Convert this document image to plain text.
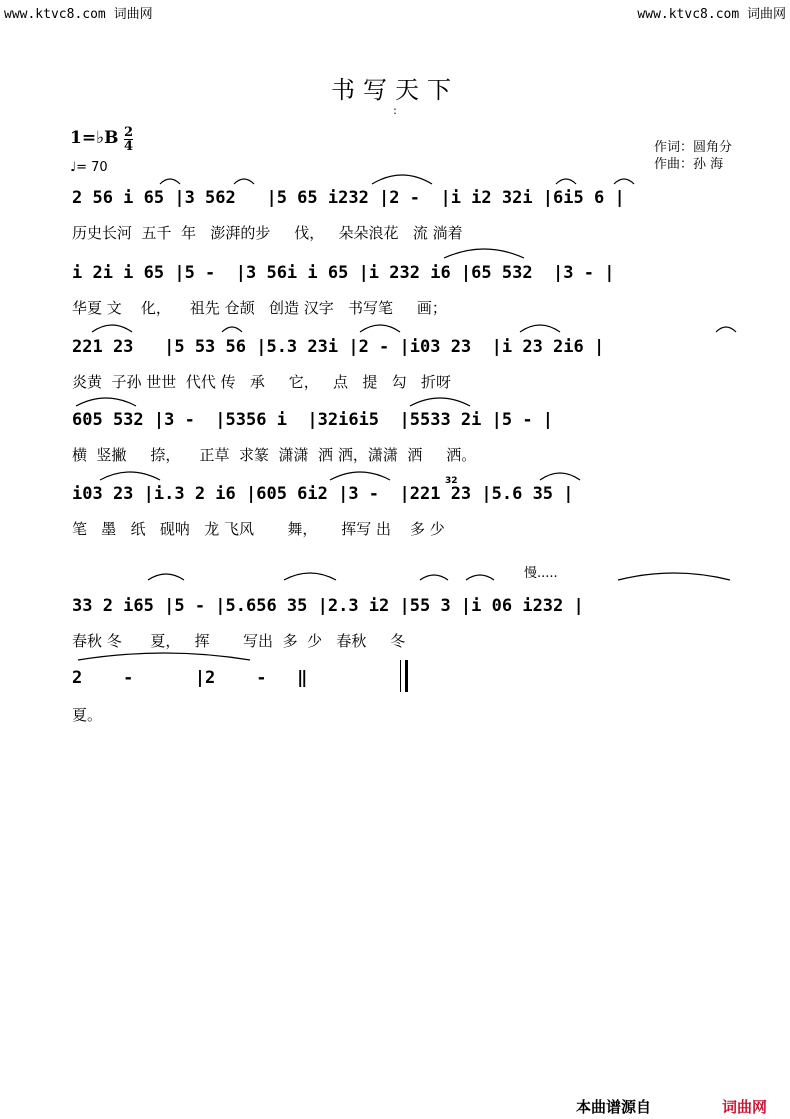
www.ktvc8.com 词曲网	www.ktvc8.com 词曲网
书写天下
:
1=♭B 2
4
♩= 70
作词：圆角分
作曲：孙 海
2 56 i 65 |3 562   |5 65 i232 |2 -  |i i2 32i |6i5 6 |
历史长河  五千  年   澎湃的步     伐，   朵朵浪花   流 淌着
i 2i i 65 |5 -  |3 56i i 65 |i 232 i6 |65 532  |3 - |
华夏 文    化，    祖先 仓颉   创造 汉字   书写笔     画；
221 23   |5 53 56 |5.3 23i |2 - |i03 23  |i 23 2i6 |
炎黄  子孙 世世  代代 传   承     它，   点   提   勾   折呀
605 532 |3 -  |5356 i  |32i6i5  |5533 2i |5 - |
横  竖撇     捺，    正草  求篆  潇潇  洒 洒，潇潇  洒     洒。
i03 23 |i.3 2 i6 |605 6i2 |3 -  |221 23 |5.6 35 |
笔   墨   纸   砚呐   龙 飞风       舞，     挥写 出    多 少
32
慢.....
33 2 i65 |5 - |5.656 35 |2.3 i2 |55 3 |i 06 i232 |
春秋 冬      夏，   挥       写出  多  少   春秋     冬
2    -      |2    -   ‖
夏。
本曲谱源自	词曲网
